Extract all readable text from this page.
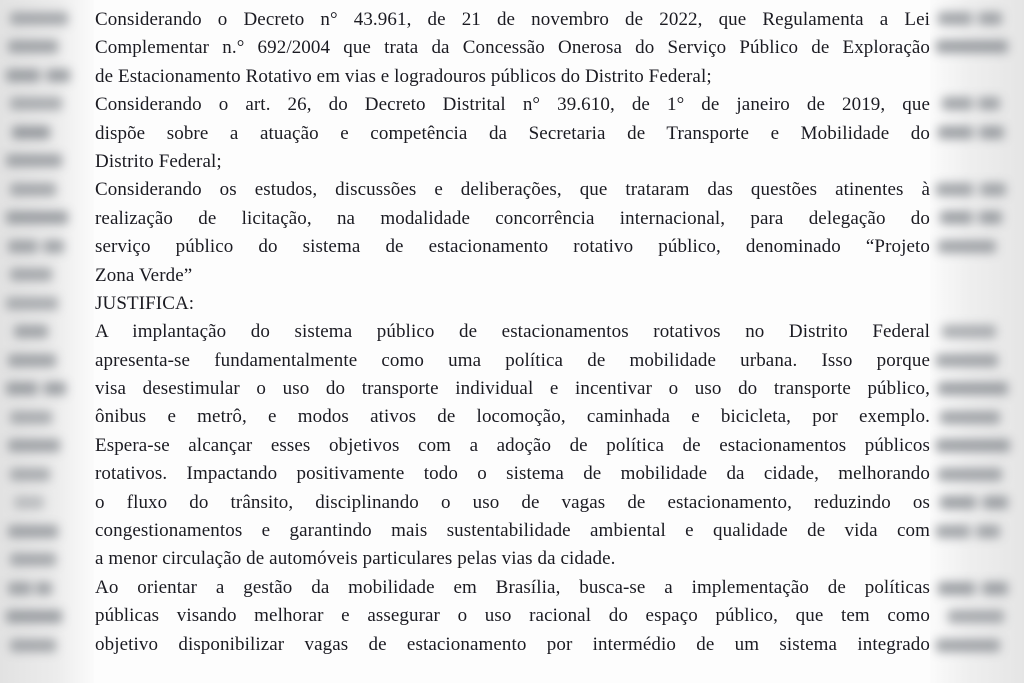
Considerando o Decreto n° 43.961, de 21 de novembro de 2022, que Regulamenta a Lei
Complementar n.° 692/2004 que trata da Concessão Onerosa do Serviço Público de Exploração
de Estacionamento Rotativo em vias e logradouros públicos do Distrito Federal;
Considerando o art. 26, do Decreto Distrital n° 39.610, de 1° de janeiro de 2019, que
dispõe sobre a atuação e competência da Secretaria de Transporte e Mobilidade do
Distrito Federal;
Considerando os estudos, discussões e deliberações, que trataram das questões atinentes à
realização de licitação, na modalidade concorrência internacional, para delegação do
serviço público do sistema de estacionamento rotativo público, denominado “Projeto
Zona Verde”
JUSTIFICA:
A implantação do sistema público de estacionamentos rotativos no Distrito Federal
apresenta-se fundamentalmente como uma política de mobilidade urbana. Isso porque
visa desestimular o uso do transporte individual e incentivar o uso do transporte público,
ônibus e metrô, e modos ativos de locomoção, caminhada e bicicleta, por exemplo.
Espera-se alcançar esses objetivos com a adoção de política de estacionamentos públicos
rotativos. Impactando positivamente todo o sistema de mobilidade da cidade, melhorando
o fluxo do trânsito, disciplinando o uso de vagas de estacionamento, reduzindo os
congestionamentos e garantindo mais sustentabilidade ambiental e qualidade de vida com
a menor circulação de automóveis particulares pelas vias da cidade.
Ao orientar a gestão da mobilidade em Brasília, busca-se a implementação de políticas
públicas visando melhorar e assegurar o uso racional do espaço público, que tem como
objetivo disponibilizar vagas de estacionamento por intermédio de um sistema integrado
